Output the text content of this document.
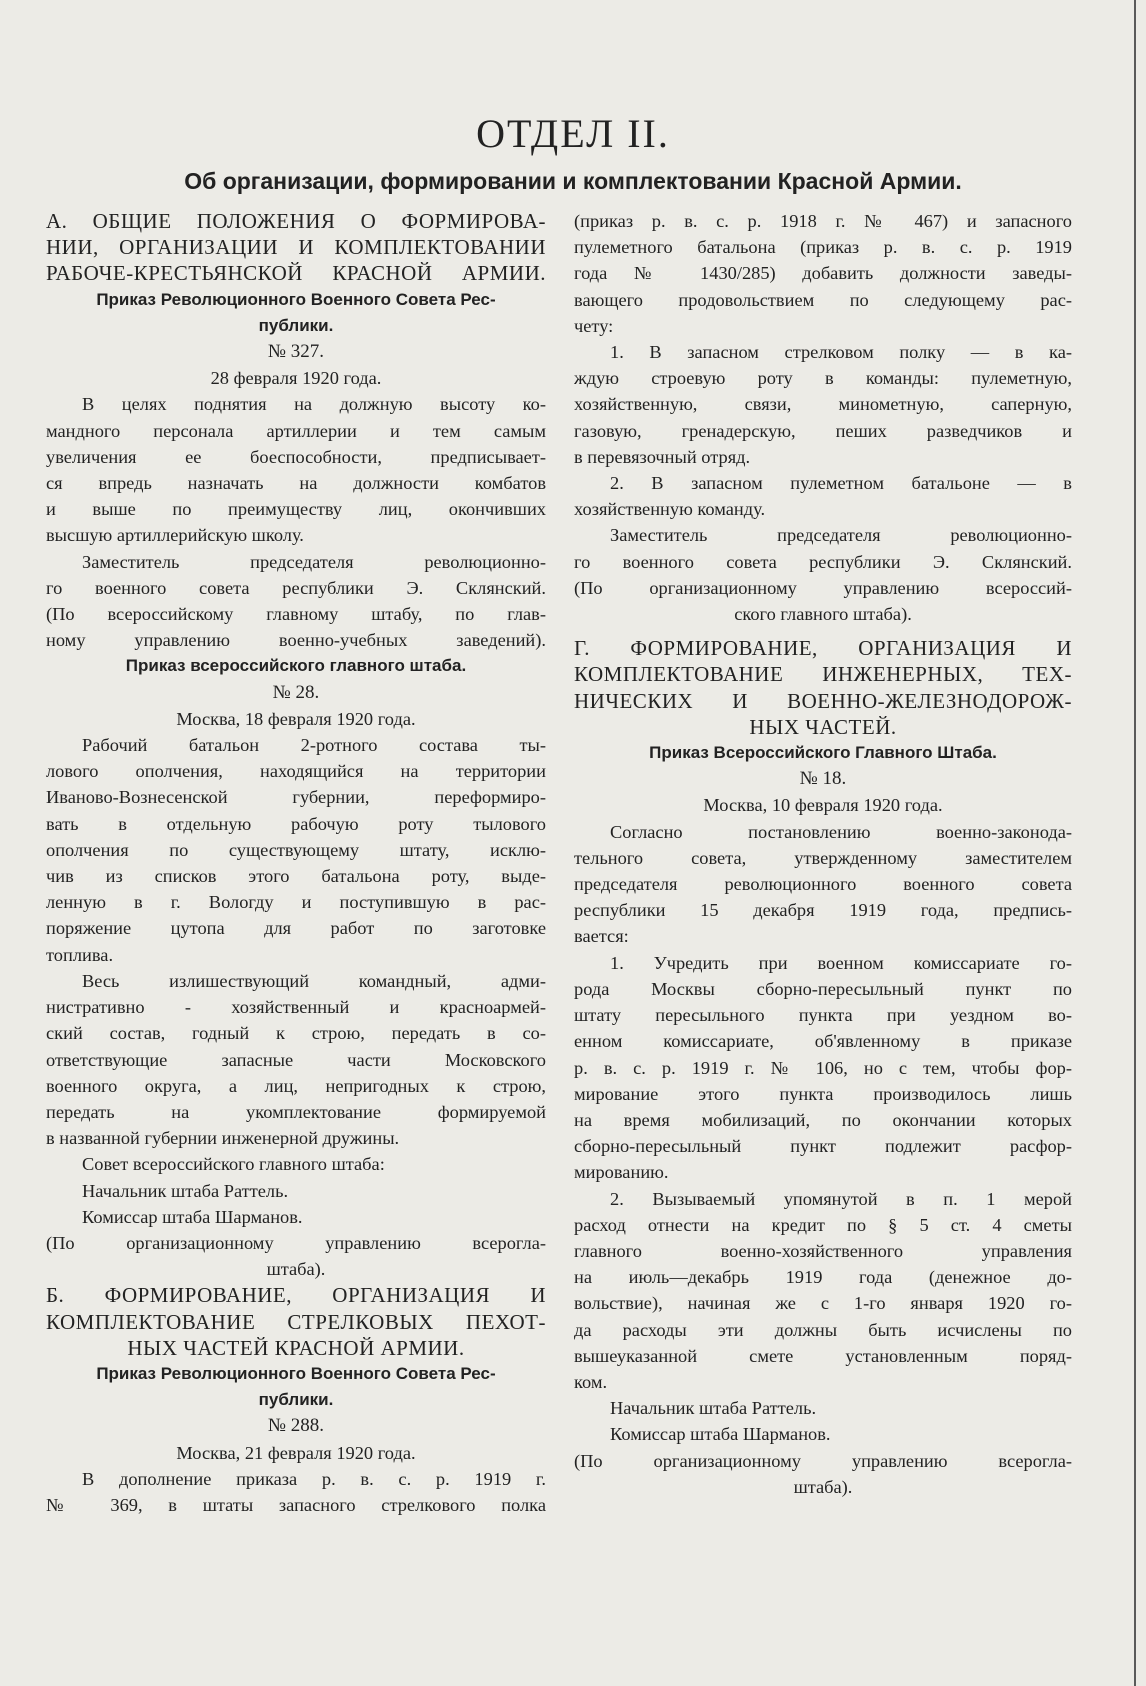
ОТДЕЛ II.
Об организации, формировании и комплектовании Красной Армии.
А. ОБЩИЕ ПОЛОЖЕНИЯ О ФОРМИРОВА-
НИИ, ОРГАНИЗАЦИИ И КОМПЛЕКТОВАНИИ
РАБОЧЕ-КРЕСТЬЯНСКОЙ КРАСНОЙ АРМИИ.
Приказ Революционного Военного Совета Рес-
публики.
№ 327.
28 февраля 1920 года.
В целях поднятия на должную высоту ко-
мандного персонала артиллерии и тем самым
увеличения ее боеспособности, предписывает-
ся впредь назначать на должности комбатов
и выше по преимуществу лиц, окончивших
высшую артиллерийскую школу.
Заместитель председателя революционно-
го военного совета республики Э. Склянский.
(По всероссийскому главному штабу, по глав-
ному управлению военно-учебных заведений).
Приказ всероссийского главного штаба.
№ 28.
Москва, 18 февраля 1920 года.
Рабочий батальон 2-ротного состава ты-
лового ополчения, находящийся на территории
Иваново-Вознесенской губернии, переформиро-
вать в отдельную рабочую роту тылового
ополчения по существующему штату, исклю-
чив из списков этого батальона роту, выде-
ленную в г. Вологду и поступившую в рас-
поряжение цутопа для работ по заготовке
топлива.
Весь излишествующий командный, адми-
нистративно - хозяйственный и красноармей-
ский состав, годный к строю, передать в со-
ответствующие запасные части Московского
военного округа, а лиц, непригодных к строю,
передать на укомплектование формируемой
в названной губернии инженерной дружины.
Совет всероссийского главного штаба:
Начальник штаба Раттель.
Комиссар штаба Шарманов.
(По организационному управлению всерогла-
штаба).
Б. ФОРМИРОВАНИЕ, ОРГАНИЗАЦИЯ И
КОМПЛЕКТОВАНИЕ СТРЕЛКОВЫХ ПЕХОТ-
НЫХ ЧАСТЕЙ КРАСНОЙ АРМИИ.
Приказ Революционного Военного Совета Рес-
публики.
№ 288.
Москва, 21 февраля 1920 года.
В дополнение приказа р. в. с. р. 1919 г.
№ 369, в штаты запасного стрелкового полка
(приказ р. в. с. р. 1918 г. № 467) и запасного
пулеметного батальона (приказ р. в. с. р. 1919
года № 1430/285) добавить должности заведы-
вающего продовольствием по следующему рас-
чету:
1. В запасном стрелковом полку — в ка-
ждую строевую роту в команды: пулеметную,
хозяйственную, связи, минометную, саперную,
газовую, гренадерскую, пеших разведчиков и
в перевязочный отряд.
2. В запасном пулеметном батальоне — в
хозяйственную команду.
Заместитель председателя революционно-
го военного совета республики Э. Склянский.
(По организационному управлению всероссий-
ского главного штаба).
Г. ФОРМИРОВАНИЕ, ОРГАНИЗАЦИЯ И
КОМПЛЕКТОВАНИЕ ИНЖЕНЕРНЫХ, ТЕХ-
НИЧЕСКИХ И ВОЕННО-ЖЕЛЕЗНОДОРОЖ-
НЫХ ЧАСТЕЙ.
Приказ Всероссийского Главного Штаба.
№ 18.
Москва, 10 февраля 1920 года.
Согласно постановлению военно-законода-
тельного совета, утвержденному заместителем
председателя революционного военного совета
республики 15 декабря 1919 года, предпись-
вается:
1. Учредить при военном комиссариате го-
рода Москвы сборно-пересыльный пункт по
штату пересыльного пункта при уездном во-
енном комиссариате, об'явленному в приказе
р. в. с. р. 1919 г. № 106, но с тем, чтобы фор-
мирование этого пункта производилось лишь
на время мобилизаций, по окончании которых
сборно-пересыльный пункт подлежит расфор-
мированию.
2. Вызываемый упомянутой в п. 1 мерой
расход отнести на кредит по § 5 ст. 4 сметы
главного военно-хозяйственного управления
на июль—декабрь 1919 года (денежное до-
вольствие), начиная же с 1-го января 1920 го-
да расходы эти должны быть исчислены по
вышеуказанной смете установленным поряд-
ком.
Начальник штаба Раттель.
Комиссар штаба Шарманов.
(По организационному управлению всерогла-
штаба).
